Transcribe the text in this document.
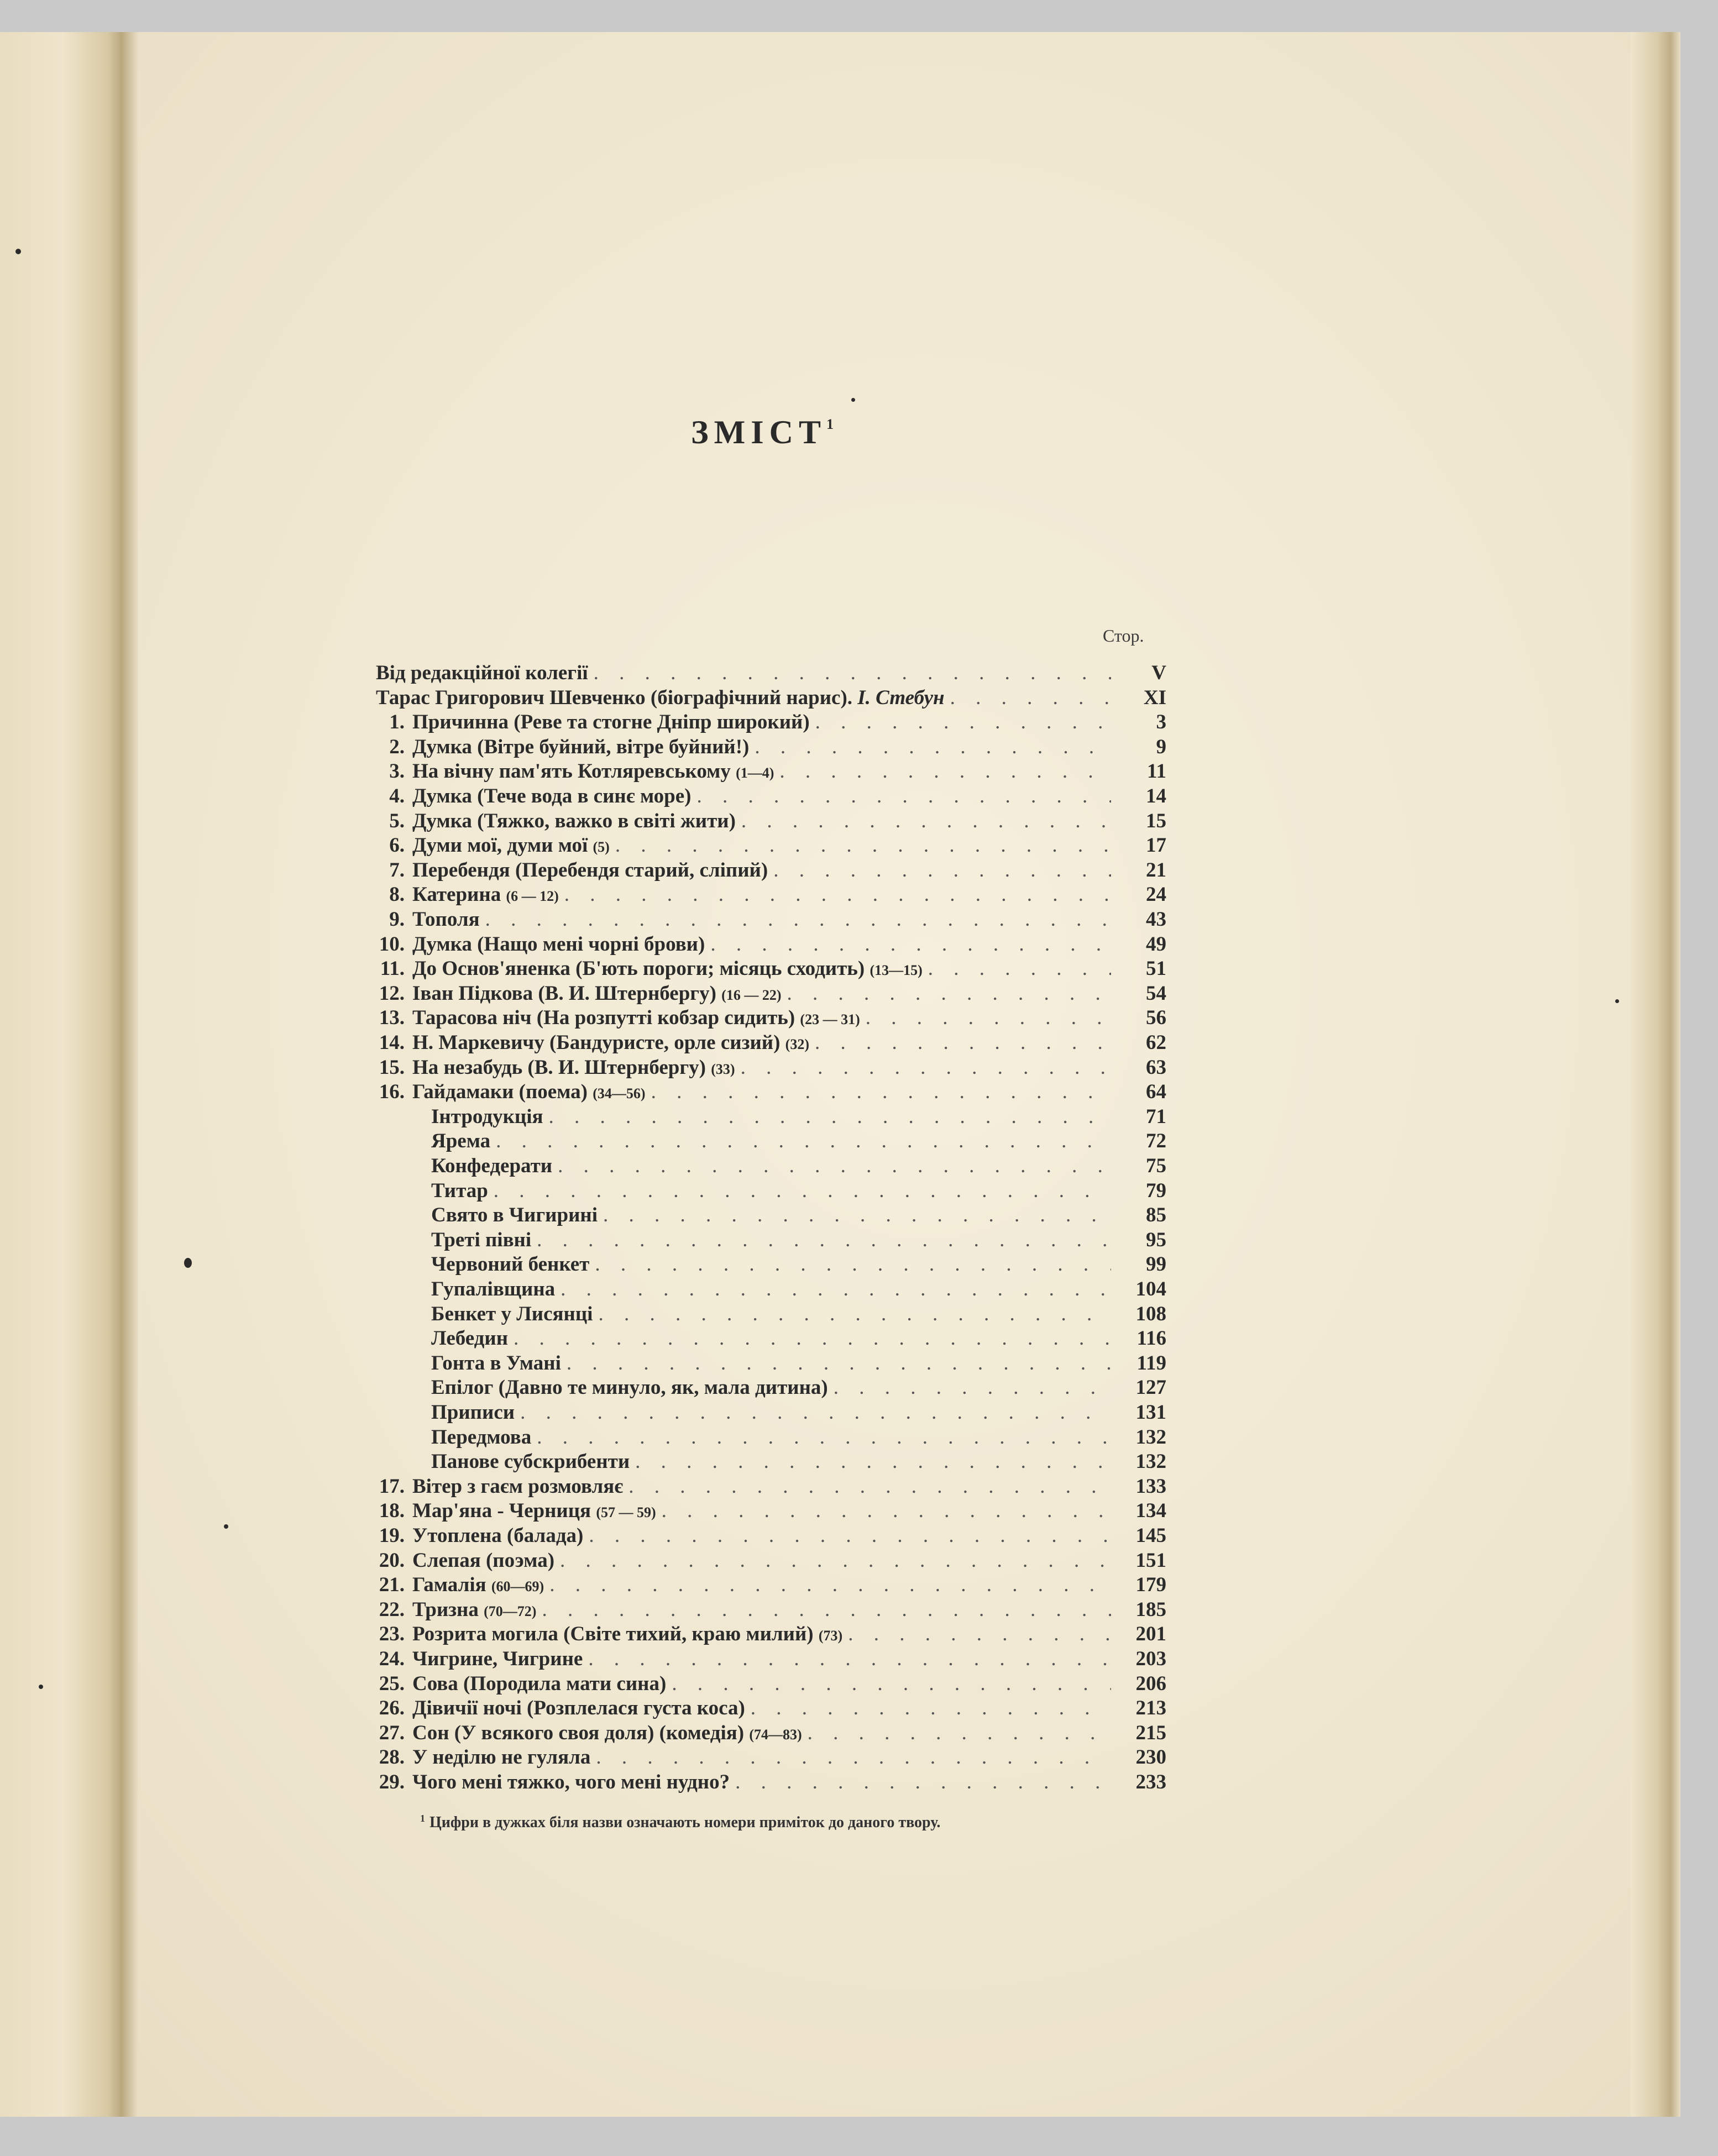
ЗМІСТ$^1$
Стор.
Від редакційної колегії . . .	V
Тарас Григорович Шевченко (біографічний нарис). І. Стебун . . .	XI
1. Причинна (Реве та стогне Дніпр широкий) . . .	3
2. Думка (Вітре буйний, вітре буйний!) . . .	9
3. На вічну пам'ять Котляревському (1—4) . . .	11
4. Думка (Тече вода в синє море) . . .	14
5. Думка (Тяжко, важко в світі жити) . . .	15
6. Думи мої, думи мої (5) . . .	17
7. Перебендя (Перебендя старий, сліпий) . . .	21
8. Катерина (6 — 12) . . .	24
9. Тополя . . .	43
10. Думка (Нащо мені чорні брови) . . .	49
11. До Основ'яненка (Б'ють пороги; місяць сходить) (13—15) . . .	51
12. Іван Підкова (В. И. Штернбергу) (16 — 22) . . .	54
13. Тарасова ніч (На розпутті кобзар сидить) (23 — 31) . . .	56
14. Н. Маркевичу (Бандуристе, орле сизий) (32) . . .	62
15. На незабудь (В. И. Штернбергу) (33) . . .	63
16. Гайдамаки (поема) (34—56) . . .	64
Інтродукція . . .	71
Ярема . . .	72
Конфедерати . . .	75
Титар . . .	79
Свято в Чигирині . . .	85
Треті півні . . .	95
Червоний бенкет . . .	99
Гупалівщина . . .	104
Бенкет у Лисянці . . .	108
Лебедин . . .	116
Гонта в Умані . . .	119
Епілог (Давно те минуло, як, мала дитина) . . .	127
Приписи . . .	131
Передмова . . .	132
Панове субскрибенти . . .	132
17. Вітер з гаєм розмовляє . . .	133
18. Мар'яна - Черниця (57 — 59) . . .	134
19. Утоплена (балада) . . .	145
20. Слепая (поэма) . . .	151
21. Гамалія (60—69) . . .	179
22. Тризна (70—72) . . .	185
23. Розрита могила (Світе тихий, краю милий) (73) . . .	201
24. Чигрине, Чигрине . . .	203
25. Сова (Породила мати сина) . . .	206
26. Дівичії ночі (Розплелася густа коса) . . .	213
27. Сон (У всякого своя доля) (комедія) (74—83) . . .	215
28. У неділю не гуляла . . .	230
29. Чого мені тяжко, чого мені нудно? . . .	233
$^1$ Цифри в дужках біля назви означають номери приміток до даного твору.
